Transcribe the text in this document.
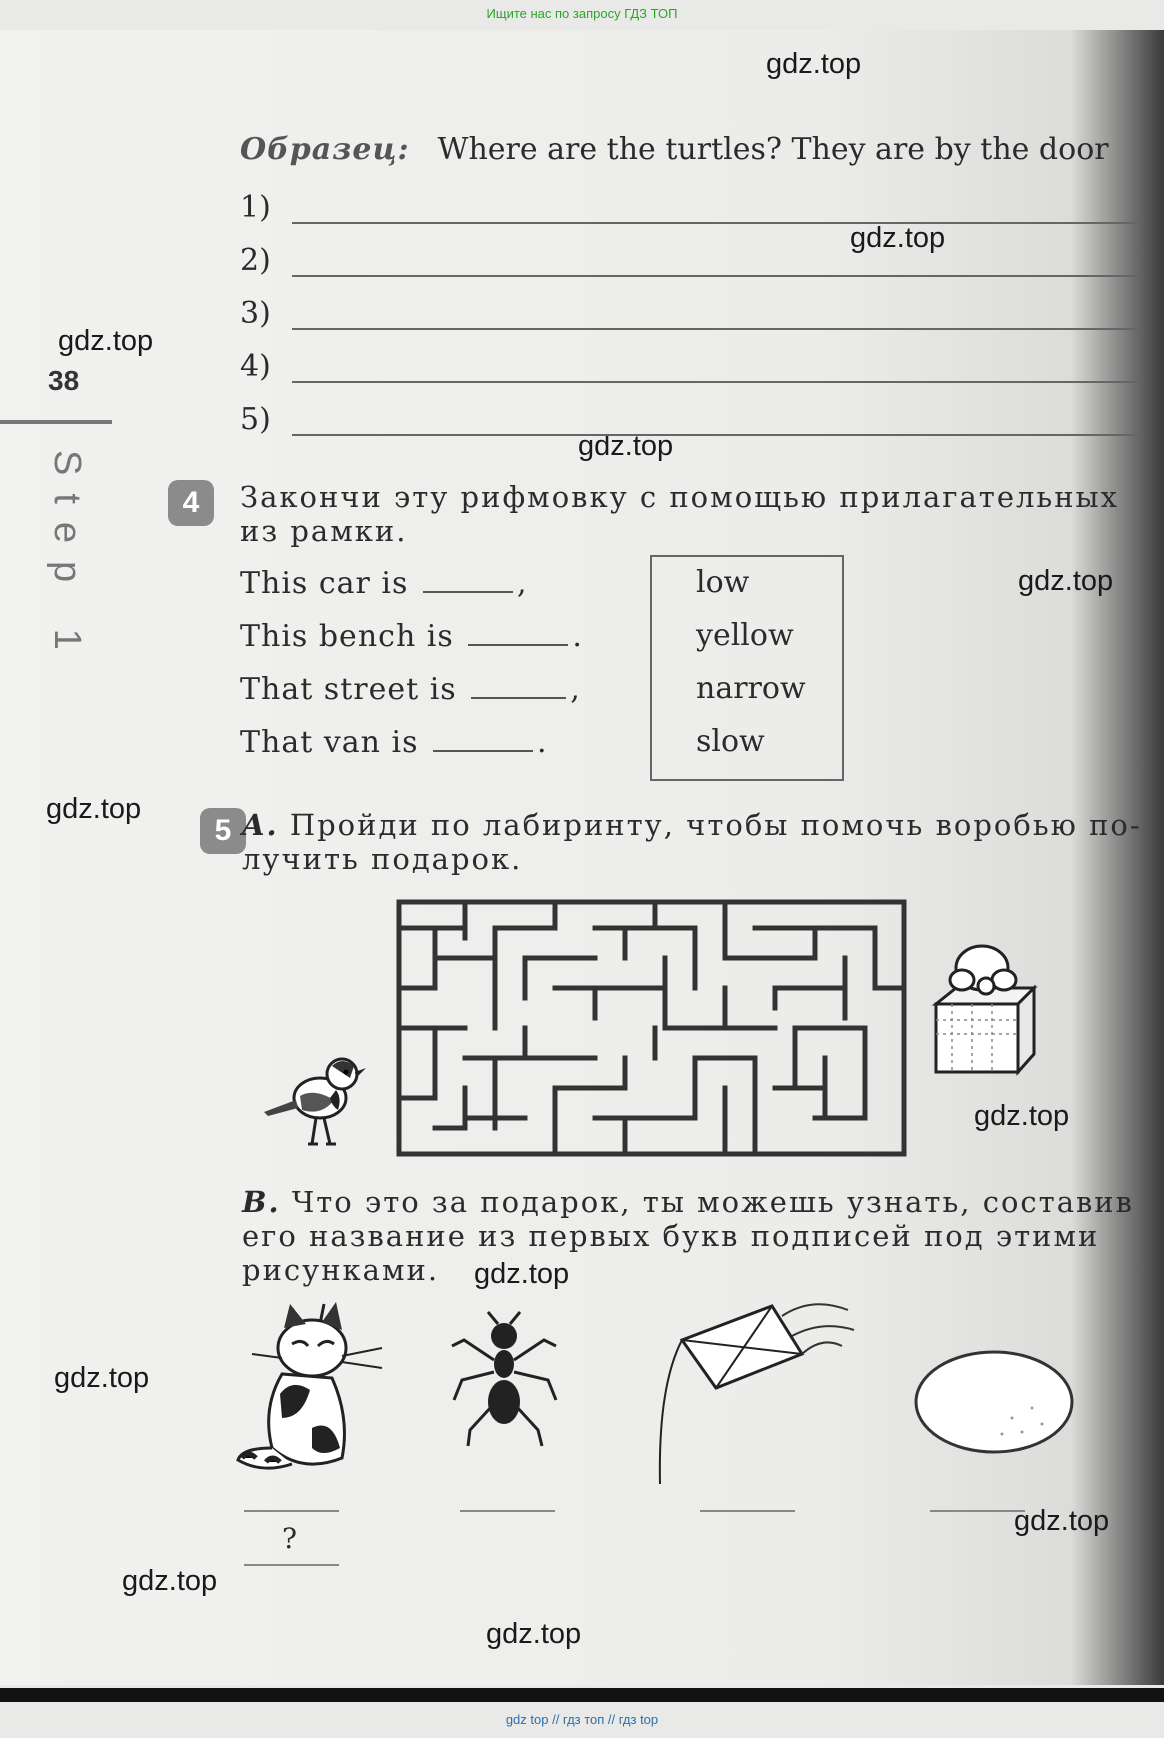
Ищите нас по запросу ГДЗ ТОП
gdz.top
gdz.top
gdz.top
gdz.top
gdz.top
gdz.top
gdz.top
gdz.top
gdz.top
gdz.top
gdz.top
gdz.top
38
Step 1
Образец: Where are the turtles? They are by the door
1)
2)
3)
4)
5)
4	Закончи эту рифмовку с помощью прилагательных
из рамки.
This car is	,
This bench is	.
That street is	,
That van is	.
low
yellow
narrow
slow
5 A. Пройди по лабиринту, чтобы помочь воробью по-
лучить подарок.
B. Что это за подарок, ты можешь узнать, составив
его название из первых букв подписей под этими
рисунками.
?
gdz top // гдз топ // гдз top
